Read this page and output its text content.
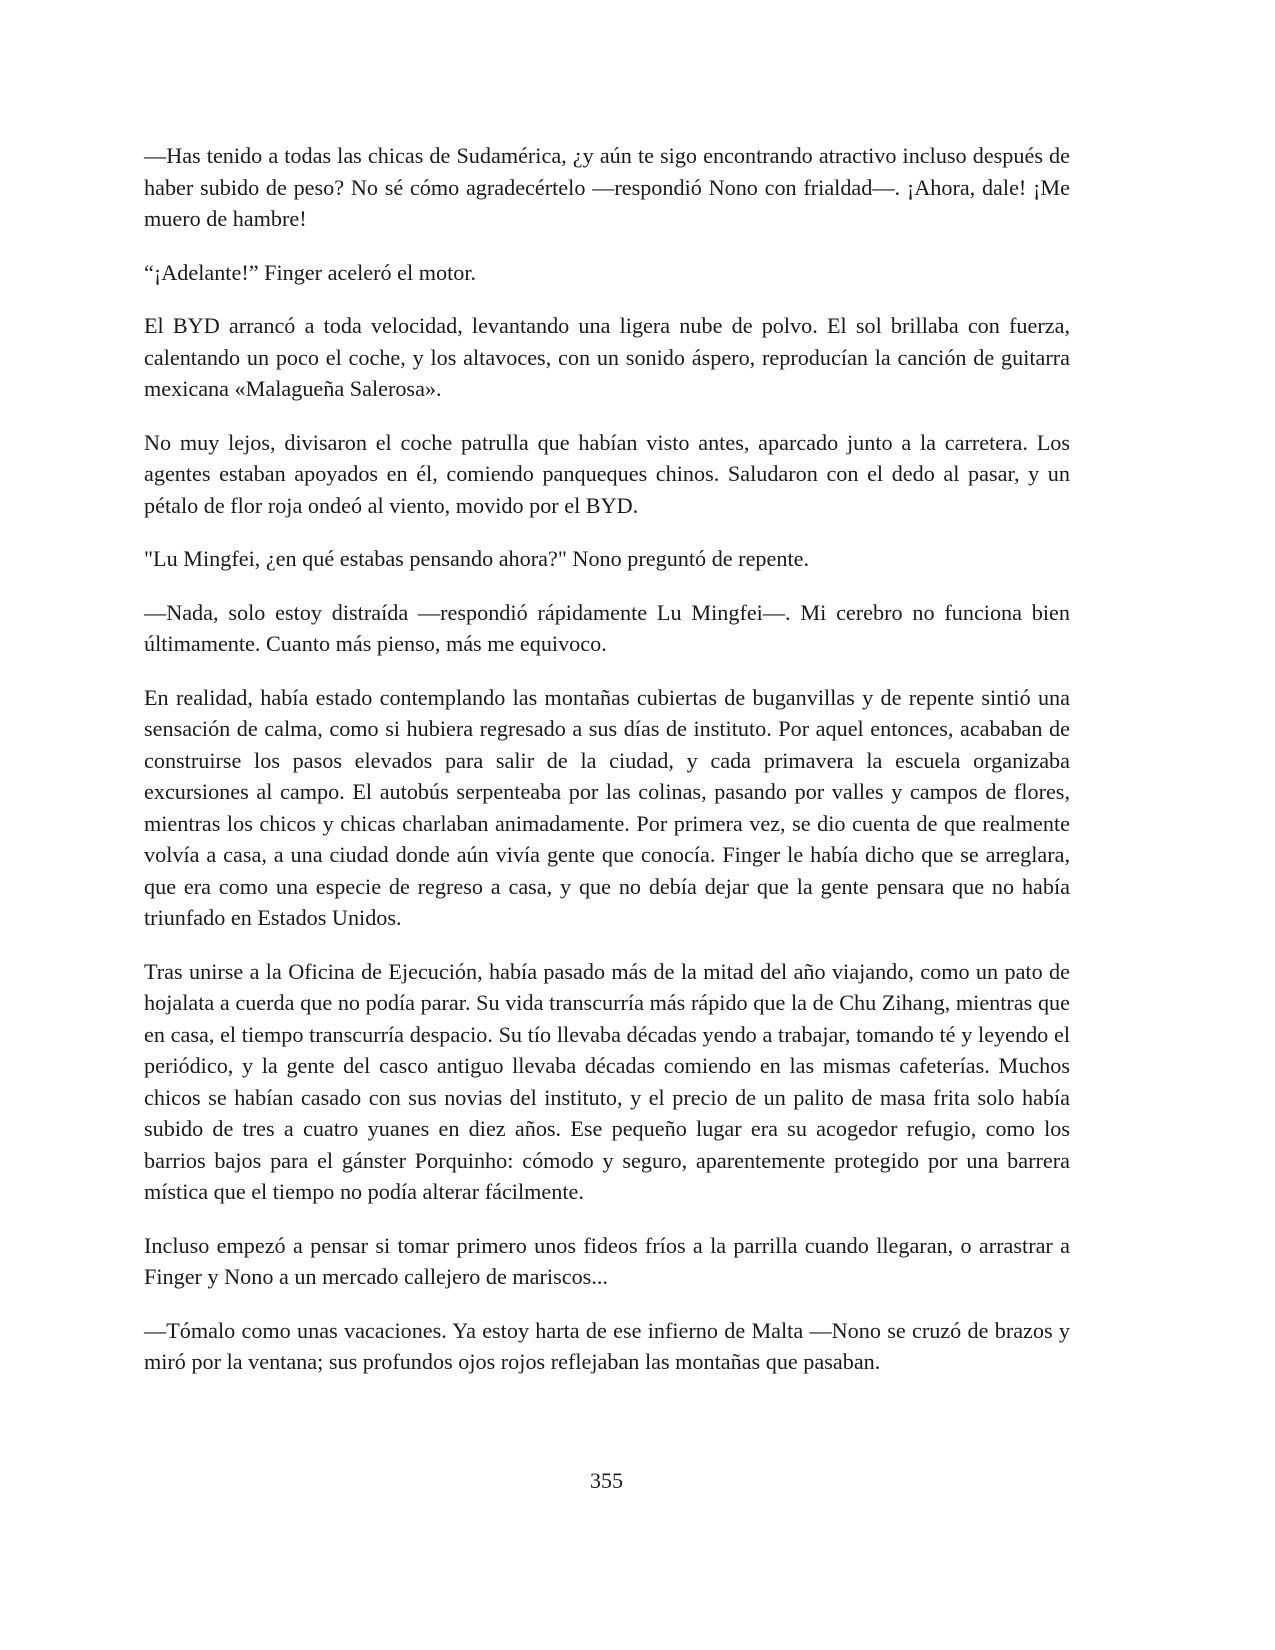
—Has tenido a todas las chicas de Sudamérica, ¿y aún te sigo encontrando atractivo incluso después de haber subido de peso? No sé cómo agradecértelo —respondió Nono con frialdad—. ¡Ahora, dale! ¡Me muero de hambre!

“¡Adelante!” Finger aceleró el motor.

El BYD arrancó a toda velocidad, levantando una ligera nube de polvo. El sol brillaba con fuerza, calentando un poco el coche, y los altavoces, con un sonido áspero, reproducían la canción de guitarra mexicana «Malagueña Salerosa».

No muy lejos, divisaron el coche patrulla que habían visto antes, aparcado junto a la carretera. Los agentes estaban apoyados en él, comiendo panqueques chinos. Saludaron con el dedo al pasar, y un pétalo de flor roja ondeó al viento, movido por el BYD.

"Lu Mingfei, ¿en qué estabas pensando ahora?" Nono preguntó de repente.

—Nada, solo estoy distraída —respondió rápidamente Lu Mingfei—. Mi cerebro no funciona bien últimamente. Cuanto más pienso, más me equivoco.

En realidad, había estado contemplando las montañas cubiertas de buganvillas y de repente sintió una sensación de calma, como si hubiera regresado a sus días de instituto. Por aquel entonces, acababan de construirse los pasos elevados para salir de la ciudad, y cada primavera la escuela organizaba excursiones al campo. El autobús serpenteaba por las colinas, pasando por valles y campos de flores, mientras los chicos y chicas charlaban animadamente. Por primera vez, se dio cuenta de que realmente volvía a casa, a una ciudad donde aún vivía gente que conocía. Finger le había dicho que se arreglara, que era como una especie de regreso a casa, y que no debía dejar que la gente pensara que no había triunfado en Estados Unidos.

Tras unirse a la Oficina de Ejecución, había pasado más de la mitad del año viajando, como un pato de hojalata a cuerda que no podía parar. Su vida transcurría más rápido que la de Chu Zihang, mientras que en casa, el tiempo transcurría despacio. Su tío llevaba décadas yendo a trabajar, tomando té y leyendo el periódico, y la gente del casco antiguo llevaba décadas comiendo en las mismas cafeterías. Muchos chicos se habían casado con sus novias del instituto, y el precio de un palito de masa frita solo había subido de tres a cuatro yuanes en diez años. Ese pequeño lugar era su acogedor refugio, como los barrios bajos para el gánster Porquinho: cómodo y seguro, aparentemente protegido por una barrera mística que el tiempo no podía alterar fácilmente.

Incluso empezó a pensar si tomar primero unos fideos fríos a la parrilla cuando llegaran, o arrastrar a Finger y Nono a un mercado callejero de mariscos...

—Tómalo como unas vacaciones. Ya estoy harta de ese infierno de Malta —Nono se cruzó de brazos y miró por la ventana; sus profundos ojos rojos reflejaban las montañas que pasaban.

355
